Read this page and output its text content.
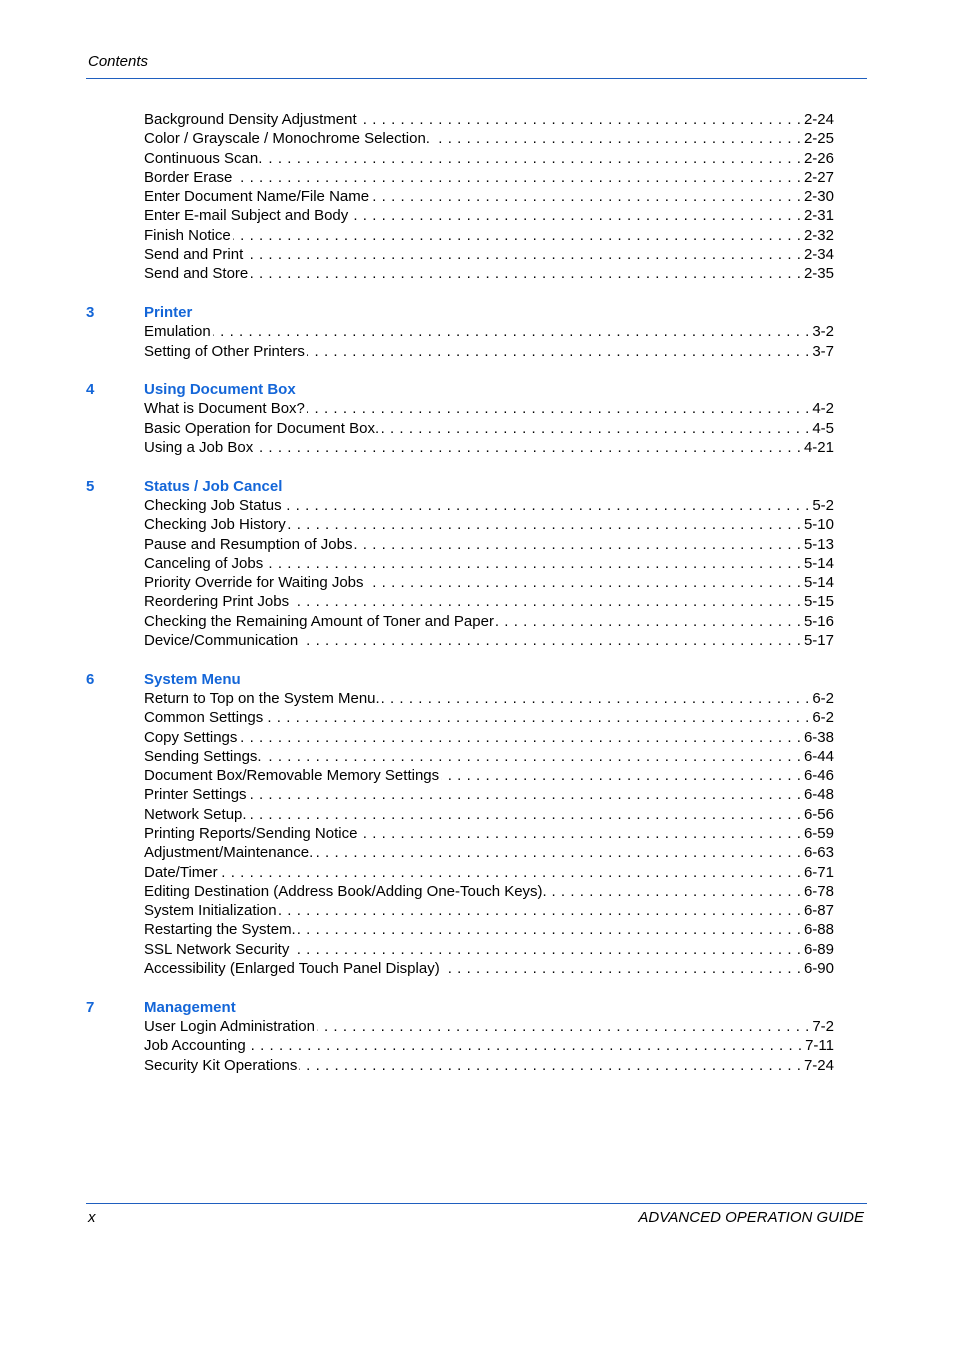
Contents
Background Density Adjustment . . .	2-24
Color / Grayscale / Monochrome Selection. . . .	2-25
Continuous Scan. . . .	2-26
Border Erase . . .	2-27
Enter Document Name/File Name . . .	2-30
Enter E-mail Subject and Body . . .	2-31
Finish Notice . . .	2-32
Send and Print . . .	2-34
Send and Store . . .	2-35
3	Printer
Emulation . . .	3-2
Setting of Other Printers . . .	3-7
4	Using Document Box
What is Document Box? . . .	4-2
Basic Operation for Document Box. . . .	4-5
Using a Job Box . . .	4-21
5	Status / Job Cancel
Checking Job Status . . .	5-2
Checking Job History . . .	5-10
Pause and Resumption of Jobs . . .	5-13
Canceling of Jobs . . .	5-14
Priority Override for Waiting Jobs . . .	5-14
Reordering Print Jobs . . .	5-15
Checking the Remaining Amount of Toner and Paper . . .	5-16
Device/Communication . . .	5-17
6	System Menu
Return to Top on the System Menu. . . .	6-2
Common Settings . . .	6-2
Copy Settings . . .	6-38
Sending Settings. . . .	6-44
Document Box/Removable Memory Settings . . .	6-46
Printer Settings . . .	6-48
Network Setup. . . .	6-56
Printing Reports/Sending Notice . . .	6-59
Adjustment/Maintenance. . . .	6-63
Date/Timer . . .	6-71
Editing Destination (Address Book/Adding One-Touch Keys). . . .	6-78
System Initialization . . .	6-87
Restarting the System. . . .	6-88
SSL Network Security . . .	6-89
Accessibility (Enlarged Touch Panel Display) . . .	6-90
7	Management
User Login Administration . . .	7-2
Job Accounting . . .	7-11
Security Kit Operations . . .	7-24
x	ADVANCED OPERATION GUIDE
